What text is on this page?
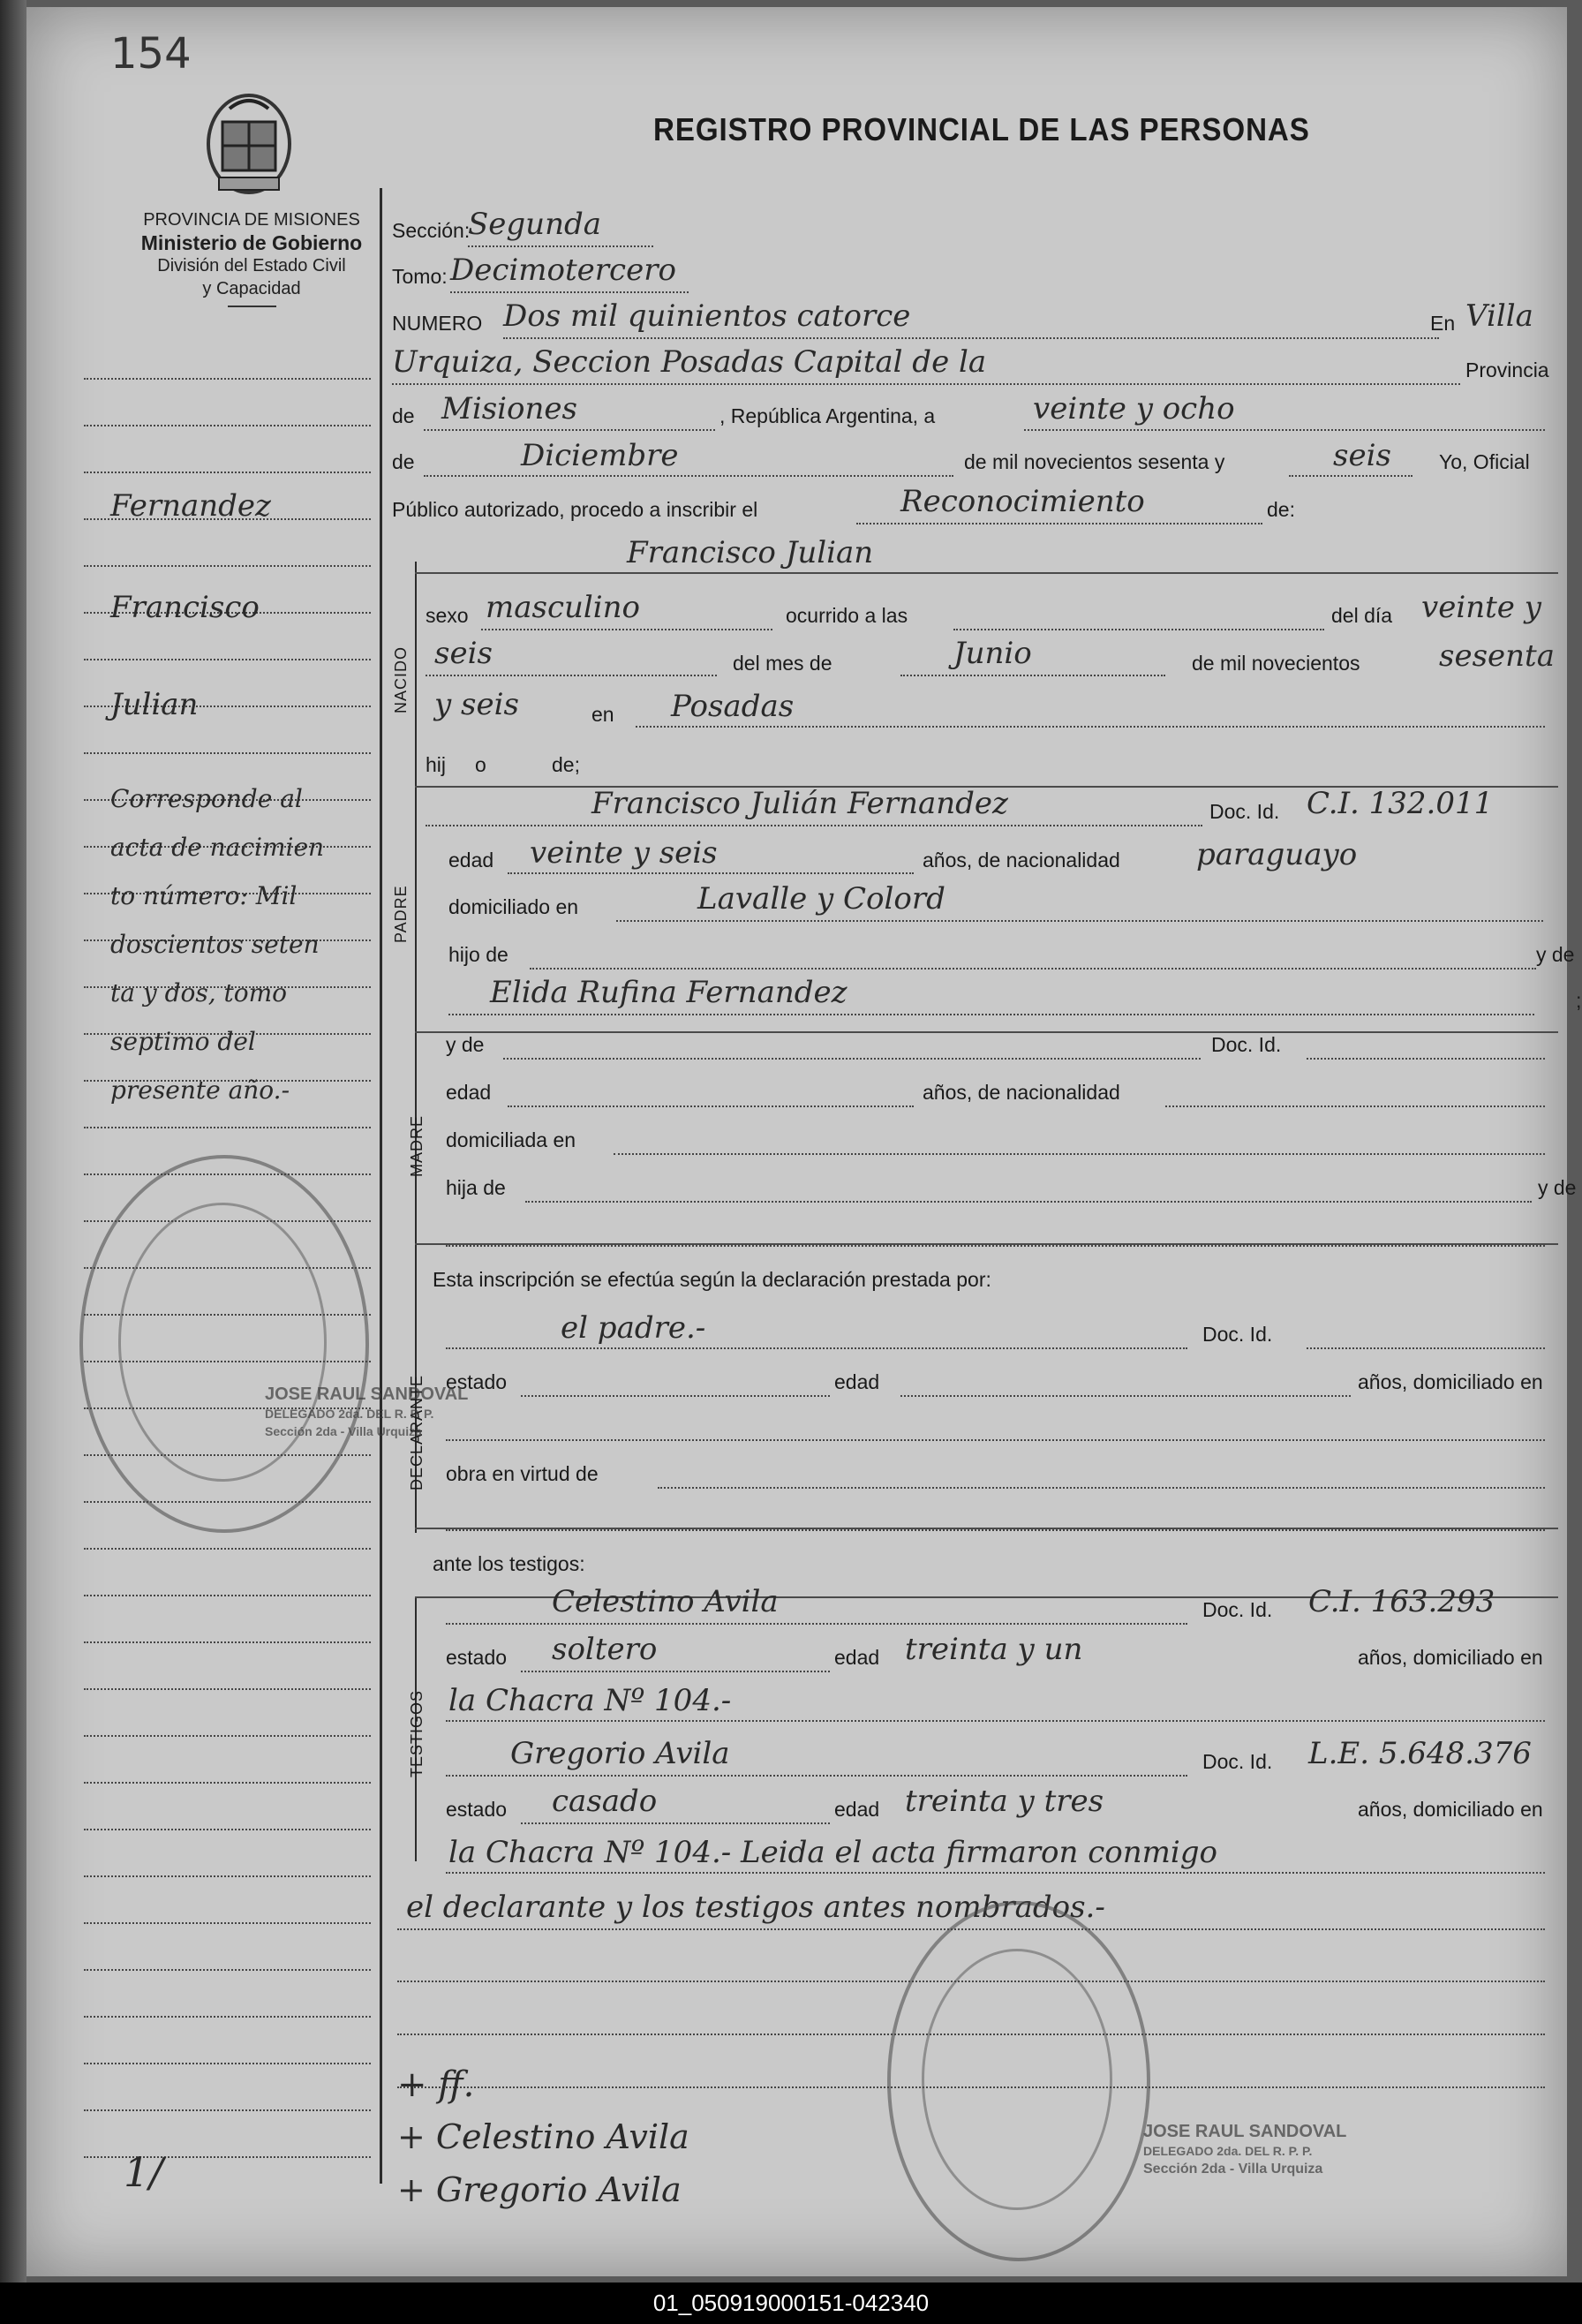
154
PROVINCIA DE MISIONES
Ministerio de Gobierno
División del Estado Civil
y Capacidad
REGISTRO PROVINCIAL DE LAS PERSONAS
Sección:
Segunda
Tomo: Decimotercero
NUMERO Dos mil quinientos catorce	En Villa
Urquiza, Seccion Posadas Capital de la	Provincia
de Misiones	, República Argentina, a	veinte y ocho
de	Diciembre	de mil novecientos sesenta y	seis Yo, Oficial
Público autorizado, procedo a inscribir el	Reconocimiento	de:
Francisco Julian
NACIDO
sexo masculino	ocurrido a las	del día veinte y
seis	del mes de	Junio	de mil novecientos	sesenta
y seis	en Posadas
hij o	de;
PADRE
Francisco Julián Fernandez	Doc. Id. C.I. 132.011
edad veinte y seis	años, de nacionalidad	paraguayo
domiciliado en	Lavalle y Colord
hijo de	y de
Elida Rufina Fernandez	;
MADRE
y de	Doc. Id.
edad	años, de nacionalidad
domiciliada en
hija de	y de
Esta inscripción se efectúa según la declaración prestada por:
DECLARANTE
el padre.-	Doc. Id.
estado	edad	años, domiciliado en
obra en virtud de
ante los testigos:
TESTIGOS
Celestino Avila	Doc. Id. C.I. 163.293
estado soltero	edad treinta y un	años, domiciliado en
la Chacra Nº 104.-
Gregorio Avila	Doc. Id. L.E. 5.648.376
estado casado	edad treinta y tres	años, domiciliado en
la Chacra Nº 104.- Leida el acta firmaron conmigo
el declarante y los testigos antes nombrados.-
Fernandez
Francisco
Julian
Corresponde al
acta de nacimien
to número: Mil
doscientos seten
ta y dos, tomo
septimo del
presente año.-
1/
JOSE RAUL SANDOVAL
DELEGADO 2da. DEL R. P. P.
Sección 2da - Villa Urquiza
JOSE RAUL SANDOVAL
DELEGADO 2da. DEL R. P. P.
Sección 2da - Villa Urquiza
+ ff.
+ Celestino Avila
+ Gregorio Avila
01_050919000151-042340
